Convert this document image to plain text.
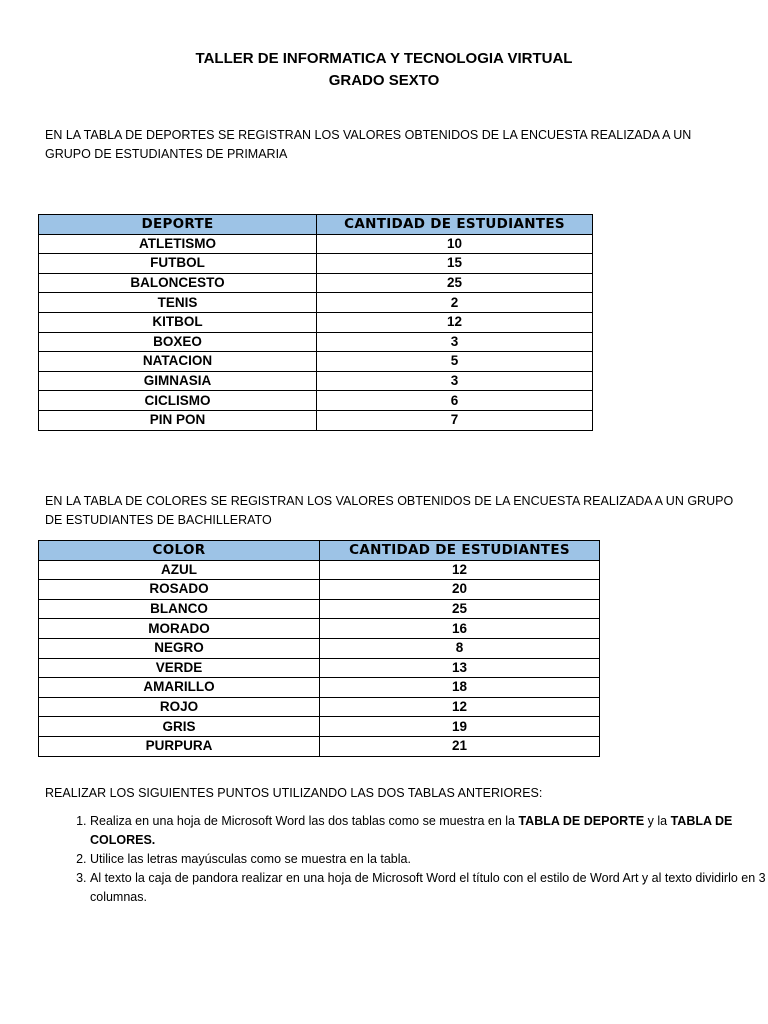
TALLER DE INFORMATICA Y TECNOLOGIA VIRTUAL
GRADO SEXTO
EN LA TABLA DE DEPORTES SE REGISTRAN LOS VALORES OBTENIDOS DE LA ENCUESTA REALIZADA A UN GRUPO DE ESTUDIANTES DE PRIMARIA
DEPORTE	CANTIDAD DE ESTUDIANTES
ATLETISMO	10
FUTBOL	15
BALONCESTO	25
TENIS	2
KITBOL	12
BOXEO	3
NATACION	5
GIMNASIA	3
CICLISMO	6
PIN PON	7
EN LA TABLA DE COLORES SE REGISTRAN LOS VALORES OBTENIDOS DE LA ENCUESTA REALIZADA A UN GRUPO DE ESTUDIANTES DE BACHILLERATO
COLOR	CANTIDAD DE ESTUDIANTES
AZUL	12
ROSADO	20
BLANCO	25
MORADO	16
NEGRO	8
VERDE	13
AMARILLO	18
ROJO	12
GRIS	19
PURPURA	21
REALIZAR LOS SIGUIENTES PUNTOS UTILIZANDO LAS DOS TABLAS ANTERIORES:
1. Realiza en una hoja de Microsoft Word las dos tablas como se muestra en la TABLA DE DEPORTE y la TABLA DE COLORES.
2. Utilice las letras mayúsculas como se muestra en la tabla.
3. Al texto la caja de pandora realizar en una hoja de Microsoft Word el título con el estilo de Word Art y al texto dividirlo en 3 columnas.
